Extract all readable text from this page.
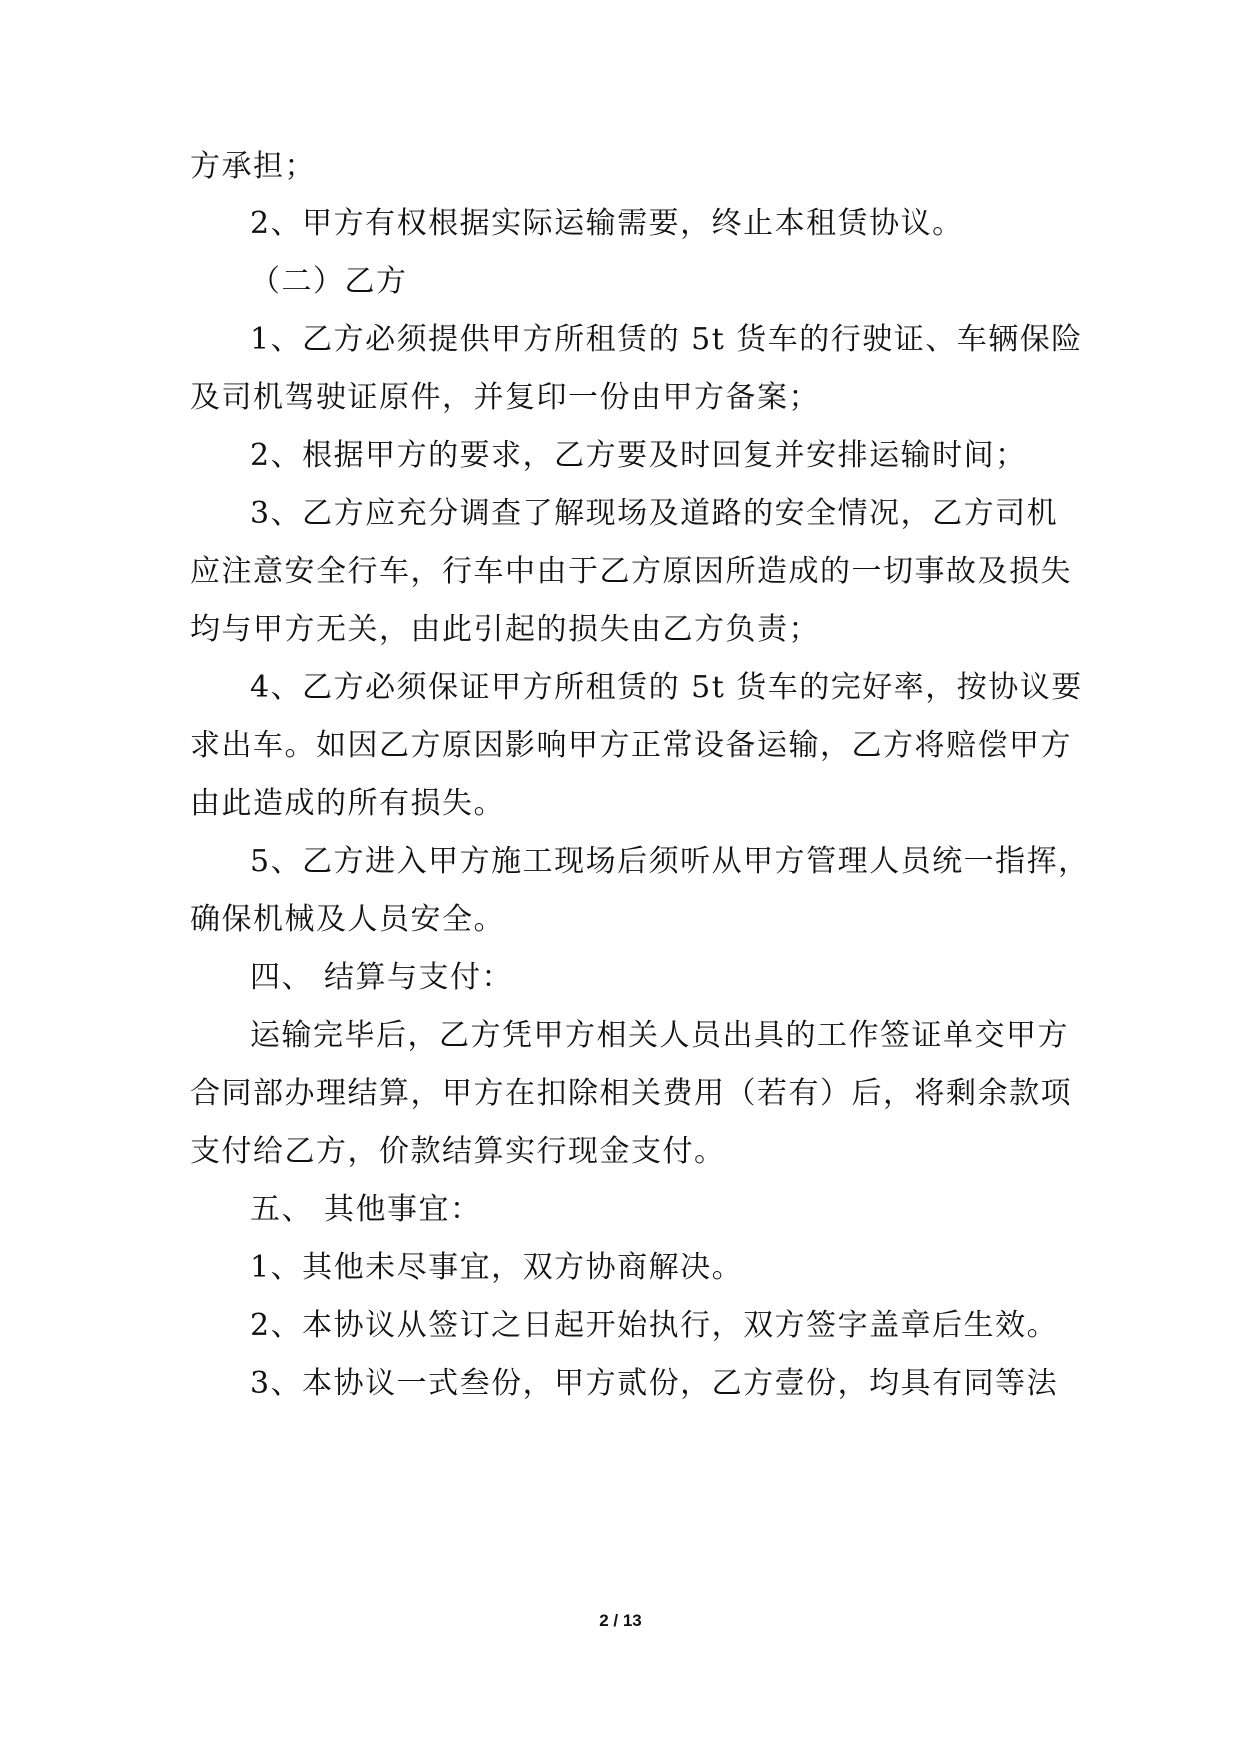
方承担；

2、甲方有权根据实际运输需要，终止本租赁协议。

（二）乙方

1、乙方必须提供甲方所租赁的 5t 货车的行驶证、车辆保险

及司机驾驶证原件，并复印一份由甲方备案；

2、根据甲方的要求，乙方要及时回复并安排运输时间；

3、乙方应充分调查了解现场及道路的安全情况，乙方司机

应注意安全行车，行车中由于乙方原因所造成的一切事故及损失

均与甲方无关，由此引起的损失由乙方负责；

4、乙方必须保证甲方所租赁的 5t 货车的完好率，按协议要

求出车。如因乙方原因影响甲方正常设备运输，乙方将赔偿甲方

由此造成的所有损失。

5、乙方进入甲方施工现场后须听从甲方管理人员统一指挥，

确保机械及人员安全。

四、 结算与支付：

运输完毕后，乙方凭甲方相关人员出具的工作签证单交甲方

合同部办理结算，甲方在扣除相关费用（若有）后，将剩余款项

支付给乙方，价款结算实行现金支付。

五、 其他事宜：

1、其他未尽事宜，双方协商解决。

2、本协议从签订之日起开始执行，双方签字盖章后生效。

3、本协议一式叁份，甲方贰份，乙方壹份，均具有同等法

2 / 13
